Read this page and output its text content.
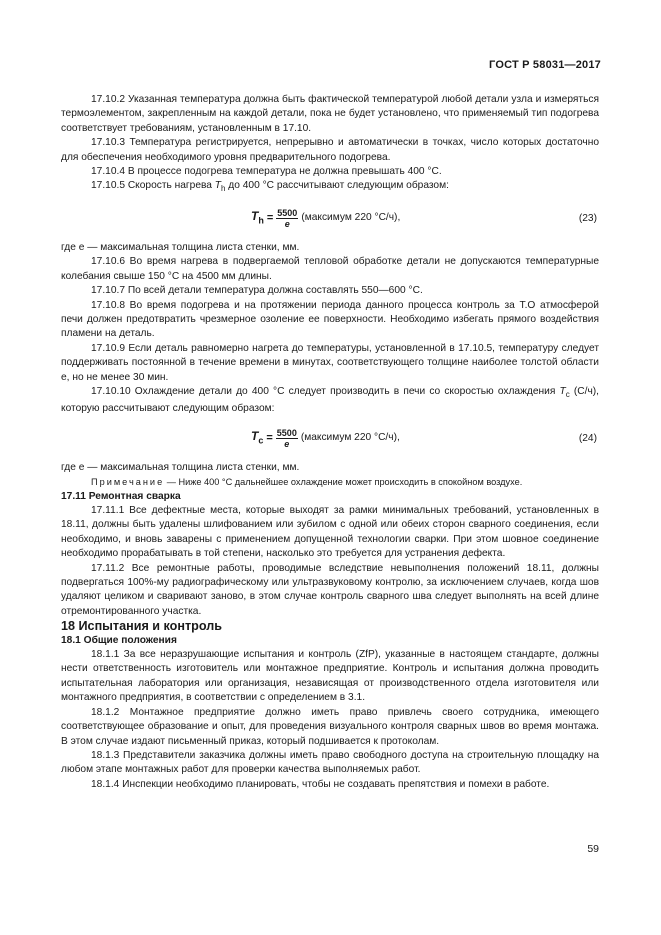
ГОСТ Р 58031—2017

17.10.2 Указанная температура должна быть фактической температурой любой детали узла и измеряться термоэлементом, закрепленным на каждой детали, пока не будет установлено, что применяемый тип подогрева соответствует требованиям, установленным в 17.10.

17.10.3 Температура регистрируется, непрерывно и автоматически в точках, число которых достаточно для обеспечения необходимого уровня предварительного подогрева.

17.10.4 В процессе подогрева температура не должна превышать 400 °С.

17.10.5 Скорость нагрева $T_h$ до 400 °С рассчитывают следующим образом:

$T_h = \frac{5500}{e}$ (максимум 220 °С/ч),	(23)

где е — максимальная толщина листа стенки, мм.

17.10.6 Во время нагрева в подвергаемой тепловой обработке детали не допускаются температурные колебания свыше 150 °С на 4500 мм длины.

17.10.7 По всей детали температура должна составлять 550—600 °С.

17.10.8 Во время подогрева и на протяжении периода данного процесса контроль за Т.О атмосферой печи должен предотвратить чрезмерное озоление ее поверхности. Необходимо избегать прямого воздействия пламени на деталь.

17.10.9 Если деталь равномерно нагрета до температуры, установленной в 17.10.5, температуру следует поддерживать постоянной в течение времени в минутах, соответствующего толщине наиболее толстой области е, но не менее 30 мин.

17.10.10 Охлаждение детали до 400 °С следует производить в печи со скоростью охлаждения $T_c$ (С/ч), которую рассчитывают следующим образом:

$T_c = \frac{5500}{e}$ (максимум 220 °С/ч),	(24)

где е — максимальная толщина листа стенки, мм.

Примечание — Ниже 400 °С дальнейшее охлаждение может происходить в спокойном воздухе.

17.11 Ремонтная сварка

17.11.1 Все дефектные места, которые выходят за рамки минимальных требований, установленных в 18.11, должны быть удалены шлифованием или зубилом с одной или обеих сторон сварного соединения, если необходимо, и вновь заварены с применением допущенной технологии сварки. При этом шовное соединение необходимо прорабатывать в той степени, насколько это требуется для устранения дефекта.

17.11.2 Все ремонтные работы, проводимые вследствие невыполнения положений 18.11, должны подвергаться 100%-му радиографическому или ультразвуковому контролю, за исключением случаев, когда шов удаляют целиком и сваривают заново, в этом случае контроль сварного шва следует выполнять на всей длине отремонтированного участка.

18 Испытания и контроль

18.1 Общие положения

18.1.1 За все неразрушающие испытания и контроль (ZfP), указанные в настоящем стандарте, должны нести ответственность изготовитель или монтажное предприятие. Контроль и испытания должна проводить испытательная лаборатория или организация, независящая от производственного отдела изготовителя или монтажного предприятия, в соответствии с определением в 3.1.

18.1.2 Монтажное предприятие должно иметь право привлечь своего сотрудника, имеющего соответствующее образование и опыт, для проведения визуального контроля сварных швов во время монтажа. В этом случае издают письменный приказ, который подшивается к протоколам.

18.1.3 Представители заказчика должны иметь право свободного доступа на строительную площадку на любом этапе монтажных работ для проверки качества выполняемых работ.

18.1.4 Инспекции необходимо планировать, чтобы не создавать препятствия и помехи в работе.

59
